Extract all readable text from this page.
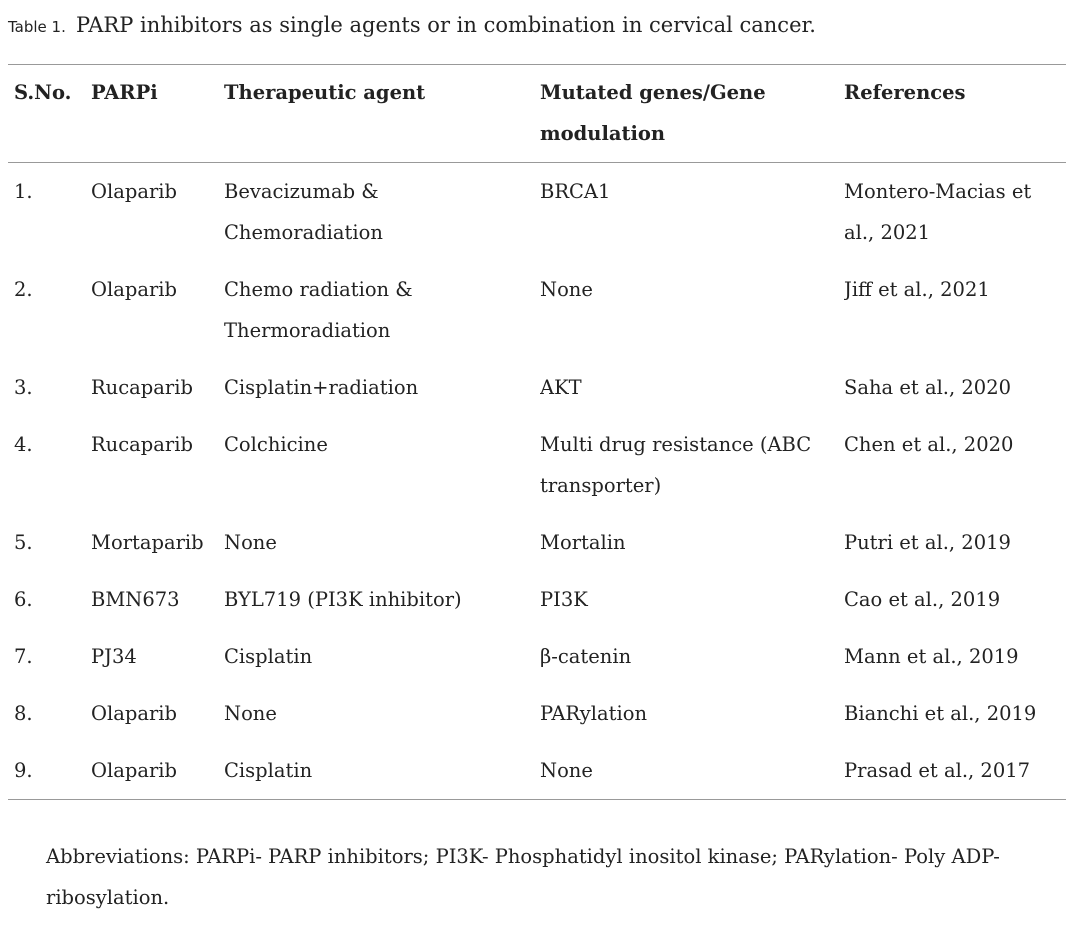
Table 1. PARP inhibitors as single agents or in combination in cervical cancer.
S.No.	PARPi	Therapeutic agent	Mutated genes/Gene modulation	References
1.	Olaparib	Bevacizumab & Chemoradiation	BRCA1	Montero-Macias et al., 2021
2.	Olaparib	Chemo radiation & Thermoradiation	None	Jiff et al., 2021
3.	Rucaparib	Cisplatin+radiation	AKT	Saha et al., 2020
4.	Rucaparib	Colchicine	Multi drug resistance (ABC transporter)	Chen et al., 2020
5.	Mortaparib	None	Mortalin	Putri et al., 2019
6.	BMN673	BYL719 (PI3K inhibitor)	PI3K	Cao et al., 2019
7.	PJ34	Cisplatin	β-catenin	Mann et al., 2019
8.	Olaparib	None	PARylation	Bianchi et al., 2019
9.	Olaparib	Cisplatin	None	Prasad et al., 2017

Abbreviations: PARPi- PARP inhibitors; PI3K- Phosphatidyl inositol kinase; PARylation- Poly ADP-ribosylation.
